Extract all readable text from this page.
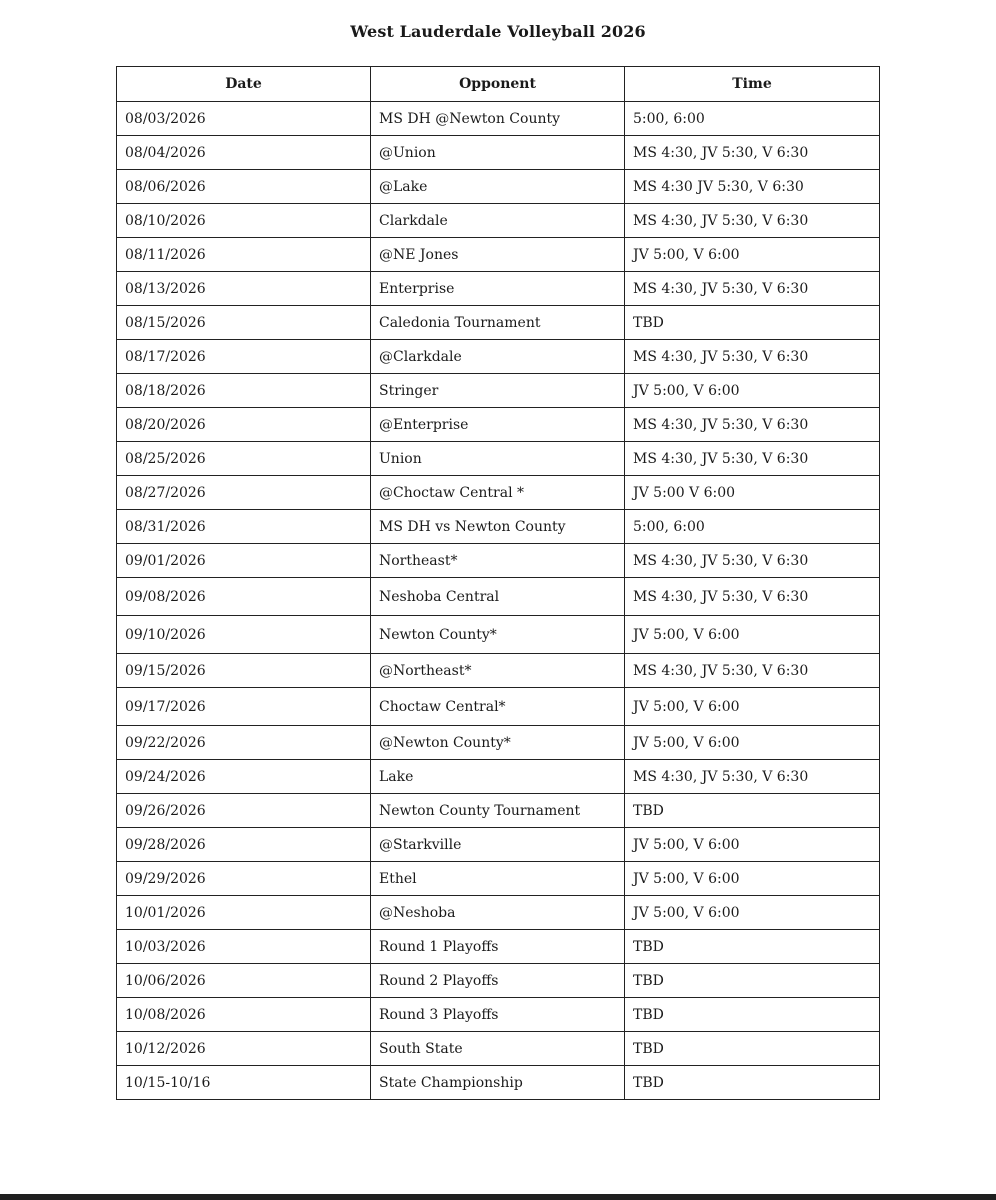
West Lauderdale Volleyball 2026
Date	Opponent	Time
08/03/2026	MS DH @Newton County	5:00, 6:00
08/04/2026	@Union	MS 4:30, JV 5:30, V 6:30
08/06/2026	@Lake	MS 4:30 JV 5:30, V 6:30
08/10/2026	Clarkdale	MS 4:30, JV 5:30, V 6:30
08/11/2026	@NE Jones	JV 5:00, V 6:00
08/13/2026	Enterprise	MS 4:30, JV 5:30, V 6:30
08/15/2026	Caledonia Tournament	TBD
08/17/2026	@Clarkdale	MS 4:30, JV 5:30, V 6:30
08/18/2026	Stringer	JV 5:00, V 6:00
08/20/2026	@Enterprise	MS 4:30, JV 5:30, V 6:30
08/25/2026	Union	MS 4:30, JV 5:30, V 6:30
08/27/2026	@Choctaw Central *	JV 5:00 V 6:00
08/31/2026	MS DH vs Newton County	5:00, 6:00
09/01/2026	Northeast*	MS 4:30, JV 5:30, V 6:30
09/08/2026	Neshoba Central	MS 4:30, JV 5:30, V 6:30
09/10/2026	Newton County*	JV 5:00, V 6:00
09/15/2026	@Northeast*	MS 4:30, JV 5:30, V 6:30
09/17/2026	Choctaw Central*	JV 5:00, V 6:00
09/22/2026	@Newton County*	JV 5:00, V 6:00
09/24/2026	Lake	MS 4:30, JV 5:30, V 6:30
09/26/2026	Newton County Tournament	TBD
09/28/2026	@Starkville	JV 5:00, V 6:00
09/29/2026	Ethel	JV 5:00, V 6:00
10/01/2026	@Neshoba	JV 5:00, V 6:00
10/03/2026	Round 1 Playoffs	TBD
10/06/2026	Round 2 Playoffs	TBD
10/08/2026	Round 3 Playoffs	TBD
10/12/2026	South State	TBD
10/15-10/16	State Championship	TBD
